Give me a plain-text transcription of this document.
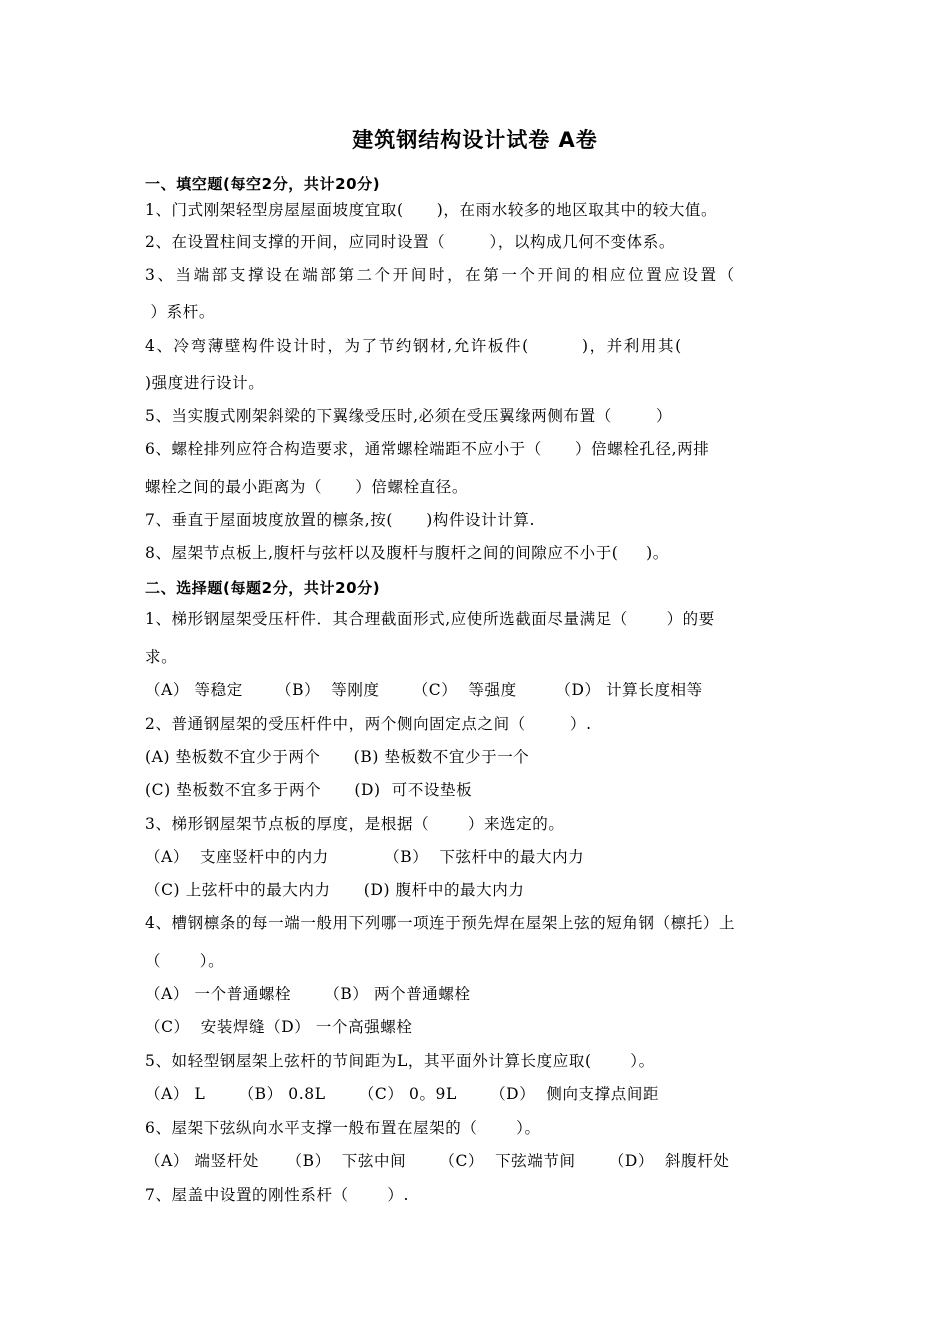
建筑钢结构设计试卷 A卷
一、填空题(每空2分，共计20分)
1、门式刚架轻型房屋屋面坡度宜取(      )，在雨水较多的地区取其中的较大值。
2、在设置柱间支撑的开间，应同时设置（        ），以构成几何不变体系。
3、当端部支撑设在端部第二个开间时，在第一个开间的相应位置应设置（
）系杆。
4、冷弯薄壁构件设计时，为了节约钢材,允许板件(        )，并利用其(
)强度进行设计。
5、当实腹式刚架斜梁的下翼缘受压时,必须在受压翼缘两侧布置（        ）
6、螺栓排列应符合构造要求，通常螺栓端距不应小于（      ）倍螺栓孔径,两排
螺栓之间的最小距离为（      ）倍螺栓直径。
7、垂直于屋面坡度放置的檩条,按(      )构件设计计算.
8、屋架节点板上,腹杆与弦杆以及腹杆与腹杆之间的间隙应不小于(     )。
二、选择题(每题2分，共计20分)
1、梯形钢屋架受压杆件．其合理截面形式,应使所选截面尽量满足（       ）的要
求。
（A） 等稳定      （B）  等刚度      （C）  等强度       （D） 计算长度相等
2、普通钢屋架的受压杆件中，两个侧向固定点之间（        ）.
(A) 垫板数不宜少于两个      (B) 垫板数不宜少于一个
(C) 垫板数不宜多于两个      (D)  可不设垫板
3、梯形钢屋架节点板的厚度，是根据（       ）来选定的。
（A）  支座竖杆中的内力          （B）  下弦杆中的最大内力
（C) 上弦杆中的最大内力      (D) 腹杆中的最大内力
4、槽钢檩条的每一端一般用下列哪一项连于预先焊在屋架上弦的短角钢（檩托）上
（       ）。
（A） 一个普通螺栓      （B） 两个普通螺栓
（C）  安装焊缝（D） 一个高强螺栓
5、如轻型钢屋架上弦杆的节间距为L，其平面外计算长度应取(       ）。
（A） L      （B） 0.8L      （C） 0。9L      （D）  侧向支撑点间距
6、屋架下弦纵向水平支撑一般布置在屋架的（       ）。
（A） 端竖杆处     （B）  下弦中间      （C）  下弦端节间      （D）  斜腹杆处
7、屋盖中设置的刚性系杆（       ）.
